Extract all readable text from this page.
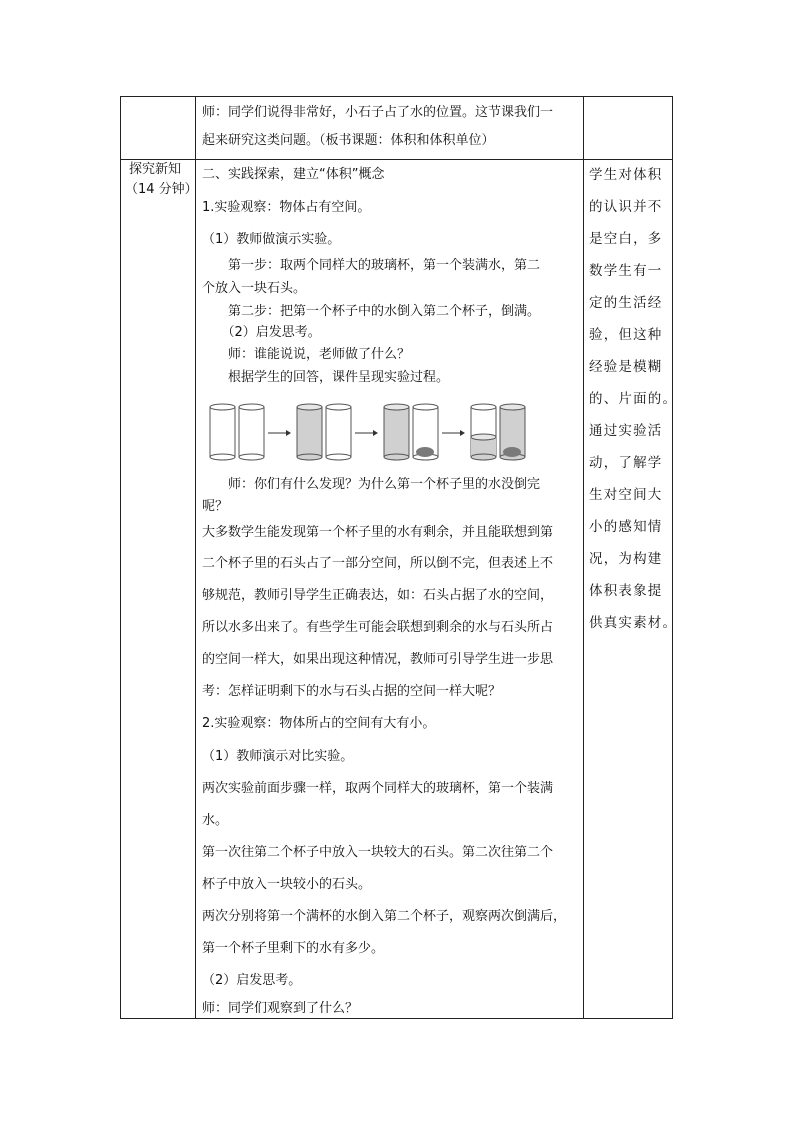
师：同学们说得非常好，小石子占了水的位置。这节课我们一
起来研究这类问题。（板书课题：体积和体积单位）
探究新知
（14 分钟）
二、实践探索，建立“体积”概念
1.实验观察：物体占有空间。
（1）教师做演示实验。
　　第一步：取两个同样大的玻璃杯，第一个装满水，第二
个放入一块石头。
　　第二步：把第一个杯子中的水倒入第二个杯子，倒满。
　　（2）启发思考。
　　师：谁能说说，老师做了什么？
　　根据学生的回答，课件呈现实验过程。
　　师：你们有什么发现？为什么第一个杯子里的水没倒完
呢？
大多数学生能发现第一个杯子里的水有剩余，并且能联想到第
二个杯子里的石头占了一部分空间，所以倒不完，但表述上不
够规范，教师引导学生正确表达，如：石头占据了水的空间，
所以水多出来了。有些学生可能会联想到剩余的水与石头所占
的空间一样大，如果出现这种情况，教师可引导学生进一步思
考：怎样证明剩下的水与石头占据的空间一样大呢？
2.实验观察：物体所占的空间有大有小。
（1）教师演示对比实验。
两次实验前面步骤一样，取两个同样大的玻璃杯，第一个装满
水。
第一次往第二个杯子中放入一块较大的石头。第二次往第二个
杯子中放入一块较小的石头。
两次分别将第一个满杯的水倒入第二个杯子，观察两次倒满后，
第一个杯子里剩下的水有多少。
（2）启发思考。
师：同学们观察到了什么？
学生对体积
的认识并不
是空白，多
数学生有一
定的生活经
验，但这种
经验是模糊
的、片面的。
通过实验活
动，了解学
生对空间大
小的感知情
况，为构建
体积表象提
供真实素材。
